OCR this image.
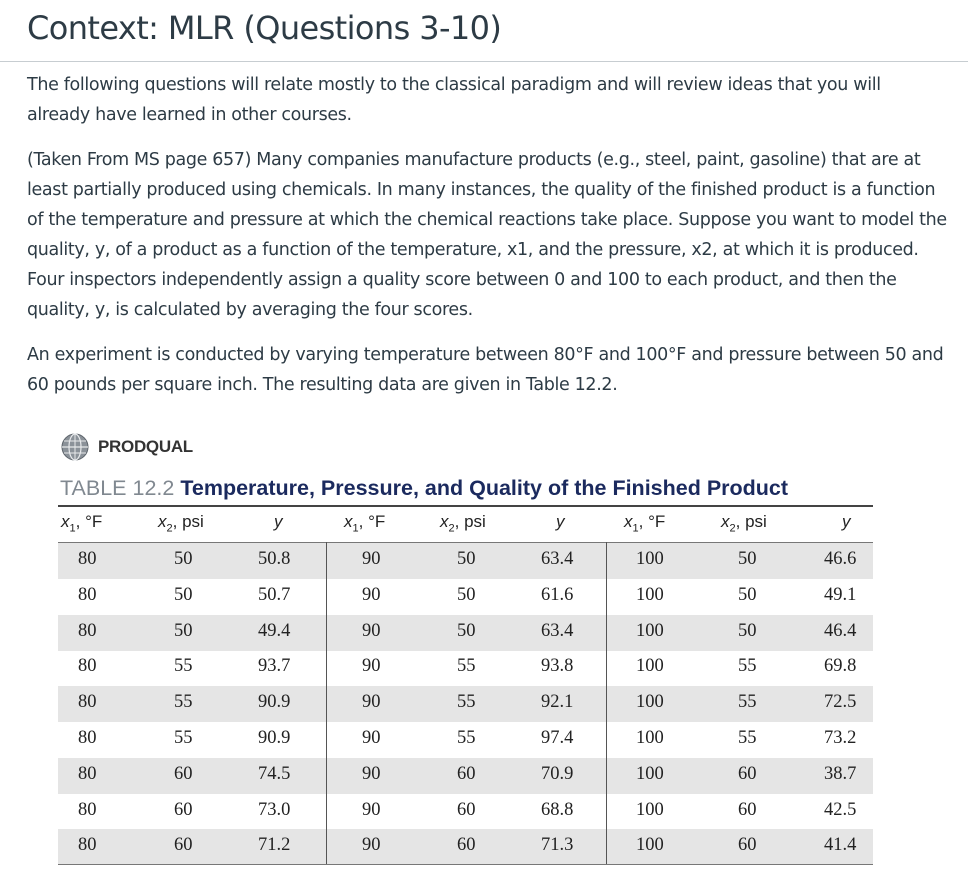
Context: MLR (Questions 3-10)

The following questions will relate mostly to the classical paradigm and will review ideas that you will already have learned in other courses.

(Taken From MS page 657) Many companies manufacture products (e.g., steel, paint, gasoline) that are at least partially produced using chemicals. In many instances, the quality of the finished product is a function of the temperature and pressure at which the chemical reactions take place. Suppose you want to model the quality, y, of a product as a function of the temperature, x1, and the pressure, x2, at which it is produced. Four inspectors independently assign a quality score between 0 and 100 to each product, and then the quality, y, is calculated by averaging the four scores.

An experiment is conducted by varying temperature between 80°F and 100°F and pressure between 50 and 60 pounds per square inch. The resulting data are given in Table 12.2.

PRODQUAL
TABLE 12.2 Temperature, Pressure, and Quality of the Finished Product
$x_1$, °F	$x_2$, psi	y	$x_1$, °F	$x_2$, psi	y	$x_1$, °F	$x_2$, psi	y
80	50	50.8	90	50	63.4	100	50	46.6
80	50	50.7	90	50	61.6	100	50	49.1
80	50	49.4	90	50	63.4	100	50	46.4
80	55	93.7	90	55	93.8	100	55	69.8
80	55	90.9	90	55	92.1	100	55	72.5
80	55	90.9	90	55	97.4	100	55	73.2
80	60	74.5	90	60	70.9	100	60	38.7
80	60	73.0	90	60	68.8	100	60	42.5
80	60	71.2	90	60	71.3	100	60	41.4
